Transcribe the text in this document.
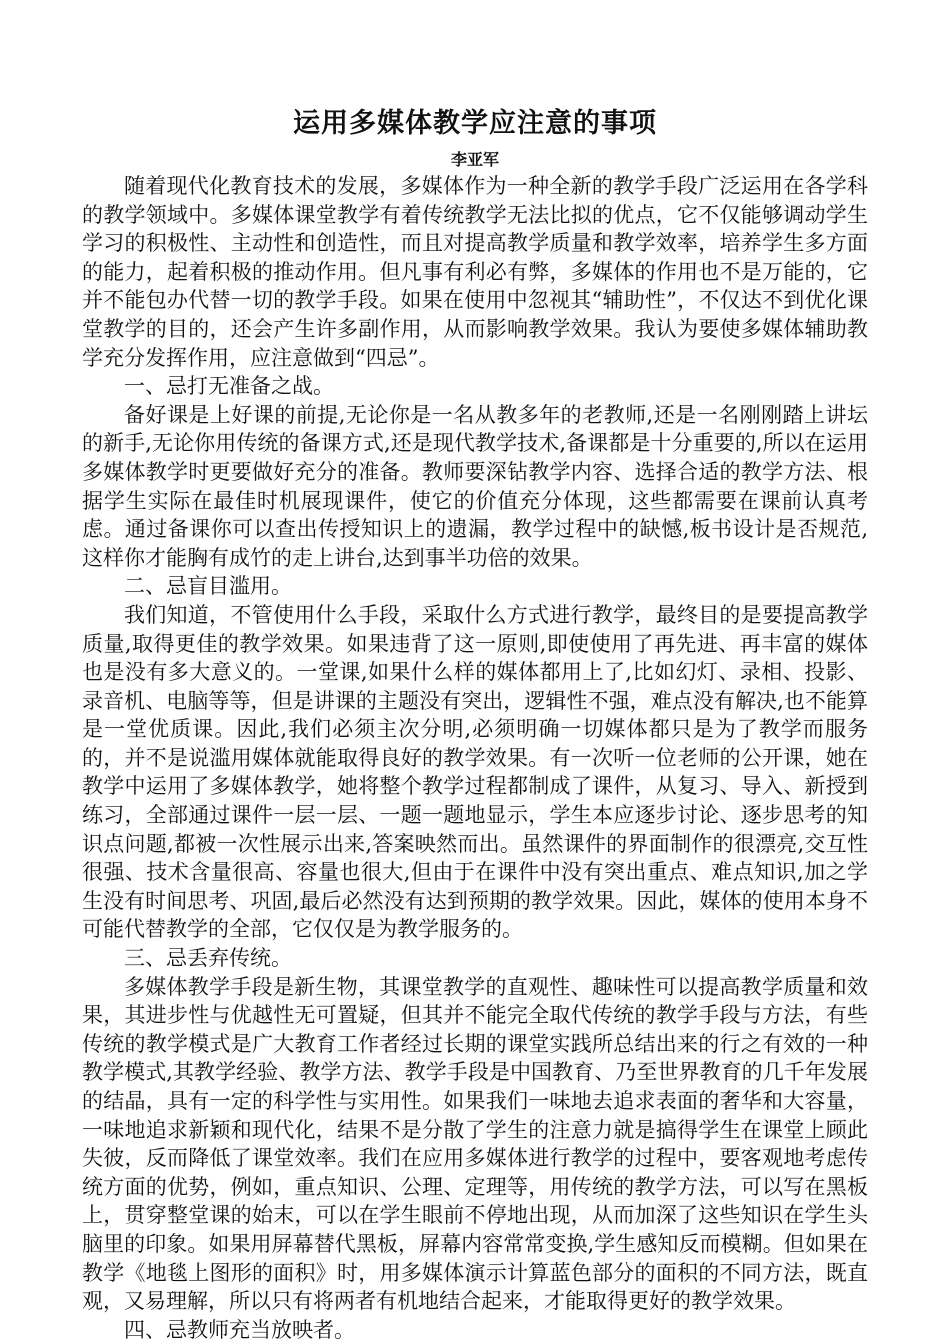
运用多媒体教学应注意的事项
李亚军

随着现代化教育技术的发展，多媒体作为一种全新的教学手段广泛运用在各学科的教学领域中。多媒体课堂教学有着传统教学无法比拟的优点，它不仅能够调动学生学习的积极性、主动性和创造性，而且对提高教学质量和教学效率，培养学生多方面的能力，起着积极的推动作用。但凡事有利必有弊，多媒体的作用也不是万能的，它并不能包办代替一切的教学手段。如果在使用中忽视其“辅助性”，不仅达不到优化课堂教学的目的，还会产生许多副作用，从而影响教学效果。我认为要使多媒体辅助教学充分发挥作用，应注意做到“四忌”。

一、忌打无准备之战。

备好课是上好课的前提,无论你是一名从教多年的老教师,还是一名刚刚踏上讲坛的新手,无论你用传统的备课方式,还是现代教学技术,备课都是十分重要的,所以在运用多媒体教学时更要做好充分的准备。教师要深钻教学内容、选择合适的教学方法、根据学生实际在最佳时机展现课件，使它的价值充分体现，这些都需要在课前认真考虑。通过备课你可以查出传授知识上的遗漏，教学过程中的缺憾,板书设计是否规范,这样你才能胸有成竹的走上讲台,达到事半功倍的效果。

二、忌盲目滥用。

我们知道，不管使用什么手段，采取什么方式进行教学，最终目的是要提高教学质量,取得更佳的教学效果。如果违背了这一原则,即使使用了再先进、再丰富的媒体也是没有多大意义的。一堂课,如果什么样的媒体都用上了,比如幻灯、录相、投影、录音机、电脑等等，但是讲课的主题没有突出，逻辑性不强，难点没有解决,也不能算是一堂优质课。因此,我们必须主次分明,必须明确一切媒体都只是为了教学而服务的，并不是说滥用媒体就能取得良好的教学效果。有一次听一位老师的公开课，她在教学中运用了多媒体教学，她将整个教学过程都制成了课件，从复习、导入、新授到练习，全部通过课件一层一层、一题一题地显示，学生本应逐步讨论、逐步思考的知识点问题,都被一次性展示出来,答案映然而出。虽然课件的界面制作的很漂亮,交互性很强、技术含量很高、容量也很大,但由于在课件中没有突出重点、难点知识,加之学生没有时间思考、巩固,最后必然没有达到预期的教学效果。因此，媒体的使用本身不可能代替教学的全部，它仅仅是为教学服务的。

三、忌丢弃传统。

多媒体教学手段是新生物，其课堂教学的直观性、趣味性可以提高教学质量和效果，其进步性与优越性无可置疑，但其并不能完全取代传统的教学手段与方法，有些传统的教学模式是广大教育工作者经过长期的课堂实践所总结出来的行之有效的一种教学模式,其教学经验、教学方法、教学手段是中国教育、乃至世界教育的几千年发展的结晶，具有一定的科学性与实用性。如果我们一味地去追求表面的奢华和大容量，一味地追求新颖和现代化，结果不是分散了学生的注意力就是搞得学生在课堂上顾此失彼，反而降低了课堂效率。我们在应用多媒体进行教学的过程中，要客观地考虑传统方面的优势，例如，重点知识、公理、定理等，用传统的教学方法，可以写在黑板上，贯穿整堂课的始末，可以在学生眼前不停地出现，从而加深了这些知识在学生头脑里的印象。如果用屏幕替代黑板，屏幕内容常常变换,学生感知反而模糊。但如果在教学《地毯上图形的面积》时，用多媒体演示计算蓝色部分的面积的不同方法，既直观，又易理解，所以只有将两者有机地结合起来，才能取得更好的教学效果。

四、忌教师充当放映者。
